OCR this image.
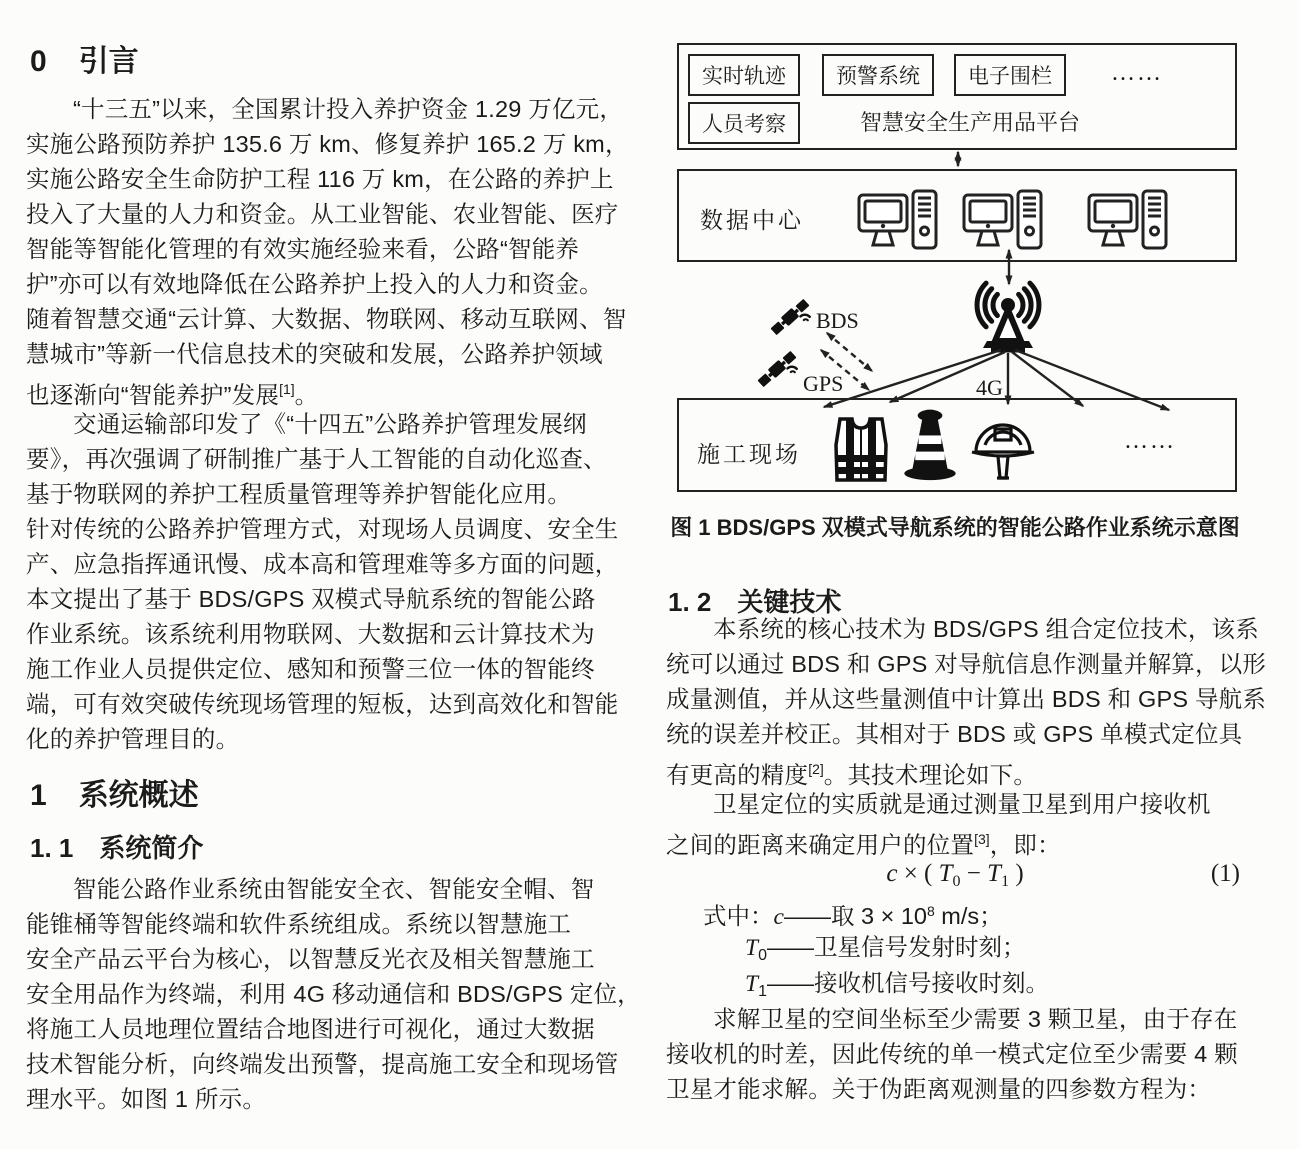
0 引言
“十三五”以来，全国累计投入养护资金 1.29 万亿元，
实施公路预防养护 135.6 万 km、修复养护 165.2 万 km，
实施公路安全生命防护工程 116 万 km，在公路的养护上
投入了大量的人力和资金。从工业智能、农业智能、医疗
智能等智能化管理的有效实施经验来看，公路“智能养
护”亦可以有效地降低在公路养护上投入的人力和资金。
随着智慧交通“云计算、大数据、物联网、移动互联网、智
慧城市”等新一代信息技术的突破和发展，公路养护领域
也逐渐向“智能养护”发展[1]。
交通运输部印发了《“十四五”公路养护管理发展纲
要》，再次强调了研制推广基于人工智能的自动化巡查、
基于物联网的养护工程质量管理等养护智能化应用。
针对传统的公路养护管理方式，对现场人员调度、安全生
产、应急指挥通讯慢、成本高和管理难等多方面的问题，
本文提出了基于 BDS/GPS 双模式导航系统的智能公路
作业系统。该系统利用物联网、大数据和云计算技术为
施工作业人员提供定位、感知和预警三位一体的智能终
端，可有效突破传统现场管理的短板，达到高效化和智能
化的养护管理目的。
1 系统概述
1. 1 系统简介
智能公路作业系统由智能安全衣、智能安全帽、智
能锥桶等智能终端和软件系统组成。系统以智慧施工
安全产品云平台为核心，以智慧反光衣及相关智慧施工
安全用品作为终端，利用 4G 移动通信和 BDS/GPS 定位，
将施工人员地理位置结合地图进行可视化，通过大数据
技术智能分析，向终端发出预警，提高施工安全和现场管
理水平。如图 1 所示。
实时轨迹 预警系统 电子围栏	……
人员考察	智慧安全生产用品平台
数据中心
BDS
GPS	4G
施工现场
……
图 1 BDS/GPS 双模式导航系统的智能公路作业系统示意图
1. 2 关键技术
本系统的核心技术为 BDS/GPS 组合定位技术，该系
统可以通过 BDS 和 GPS 对导航信息作测量并解算，以形
成量测值，并从这些量测值中计算出 BDS 和 GPS 导航系
统的误差并校正。其相对于 BDS 或 GPS 单模式定位具
有更高的精度[2]。其技术理论如下。
卫星定位的实质就是通过测量卫星到用户接收机
之间的距离来确定用户的位置[3]，即：
c × ( $T_0 - T_1$ )	(1)
式中：c——取 $3 \times 10^8$ m/s；
$T_0——$卫星信号发射时刻；
$T_1——$接收机信号接收时刻。
求解卫星的空间坐标至少需要 3 颗卫星，由于存在
接收机的时差，因此传统的单一模式定位至少需要 4 颗
卫星才能求解。关于伪距离观测量的四参数方程为：
